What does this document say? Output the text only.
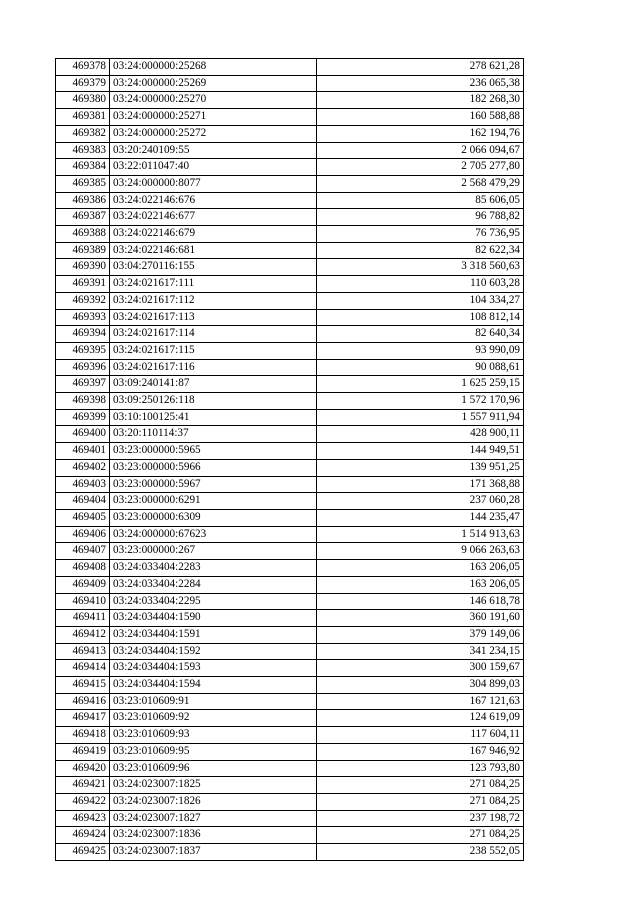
469378	03:24:000000:25268	278 621,28
469379	03:24:000000:25269	236 065,38
469380	03:24:000000:25270	182 268,30
469381	03:24:000000:25271	160 588,88
469382	03:24:000000:25272	162 194,76
469383	03:20:240109:55	2 066 094,67
469384	03:22:011047:40	2 705 277,80
469385	03:24:000000:8077	2 568 479,29
469386	03:24:022146:676	85 606,05
469387	03:24:022146:677	96 788,82
469388	03:24:022146:679	76 736,95
469389	03:24:022146:681	82 622,34
469390	03:04:270116:155	3 318 560,63
469391	03:24:021617:111	110 603,28
469392	03:24:021617:112	104 334,27
469393	03:24:021617:113	108 812,14
469394	03:24:021617:114	82 640,34
469395	03:24:021617:115	93 990,09
469396	03:24:021617:116	90 088,61
469397	03:09:240141:87	1 625 259,15
469398	03:09:250126:118	1 572 170,96
469399	03:10:100125:41	1 557 911,94
469400	03:20:110114:37	428 900,11
469401	03:23:000000:5965	144 949,51
469402	03:23:000000:5966	139 951,25
469403	03:23:000000:5967	171 368,88
469404	03:23:000000:6291	237 060,28
469405	03:23:000000:6309	144 235,47
469406	03:24:000000:67623	1 514 913,63
469407	03:23:000000:267	9 066 263,63
469408	03:24:033404:2283	163 206,05
469409	03:24:033404:2284	163 206,05
469410	03:24:033404:2295	146 618,78
469411	03:24:034404:1590	360 191,60
469412	03:24:034404:1591	379 149,06
469413	03:24:034404:1592	341 234,15
469414	03:24:034404:1593	300 159,67
469415	03:24:034404:1594	304 899,03
469416	03:23:010609:91	167 121,63
469417	03:23:010609:92	124 619,09
469418	03:23:010609:93	117 604,11
469419	03:23:010609:95	167 946,92
469420	03:23:010609:96	123 793,80
469421	03:24:023007:1825	271 084,25
469422	03:24:023007:1826	271 084,25
469423	03:24:023007:1827	237 198,72
469424	03:24:023007:1836	271 084,25
469425	03:24:023007:1837	238 552,05
